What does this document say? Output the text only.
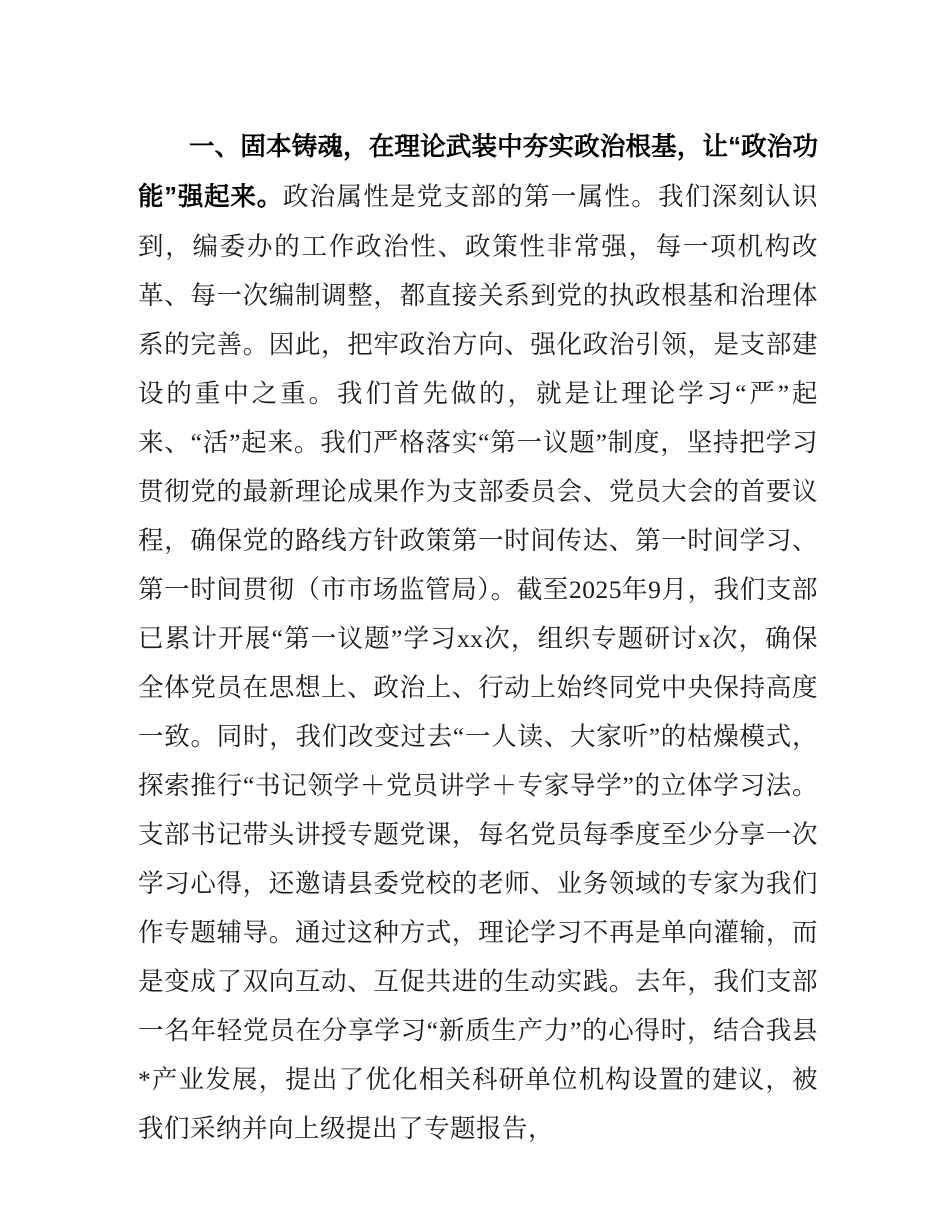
一、固本铸魂，在理论武装中夯实政治根基，让“政治功能”强起来。政治属性是党支部的第一属性。我们深刻认识到，编委办的工作政治性、政策性非常强，每一项机构改革、每一次编制调整，都直接关系到党的执政根基和治理体系的完善。因此，把牢政治方向、强化政治引领，是支部建设的重中之重。我们首先做的，就是让理论学习“严”起来、“活”起来。我们严格落实“第一议题”制度，坚持把学习贯彻党的最新理论成果作为支部委员会、党员大会的首要议程，确保党的路线方针政策第一时间传达、第一时间学习、第一时间贯彻（市市场监管局）。截至2025年9月，我们支部已累计开展“第一议题”学习xx次，组织专题研讨x次，确保全体党员在思想上、政治上、行动上始终同党中央保持高度一致。同时，我们改变过去“一人读、大家听”的枯燥模式，探索推行“书记领学＋党员讲学＋专家导学”的立体学习法。支部书记带头讲授专题党课，每名党员每季度至少分享一次学习心得，还邀请县委党校的老师、业务领域的专家为我们作专题辅导。通过这种方式，理论学习不再是单向灌输，而是变成了双向互动、互促共进的生动实践。去年，我们支部一名年轻党员在分享学习“新质生产力”的心得时，结合我县*产业发展，提出了优化相关科研单位机构设置的建议，被我们采纳并向上级提出了专题报告，
